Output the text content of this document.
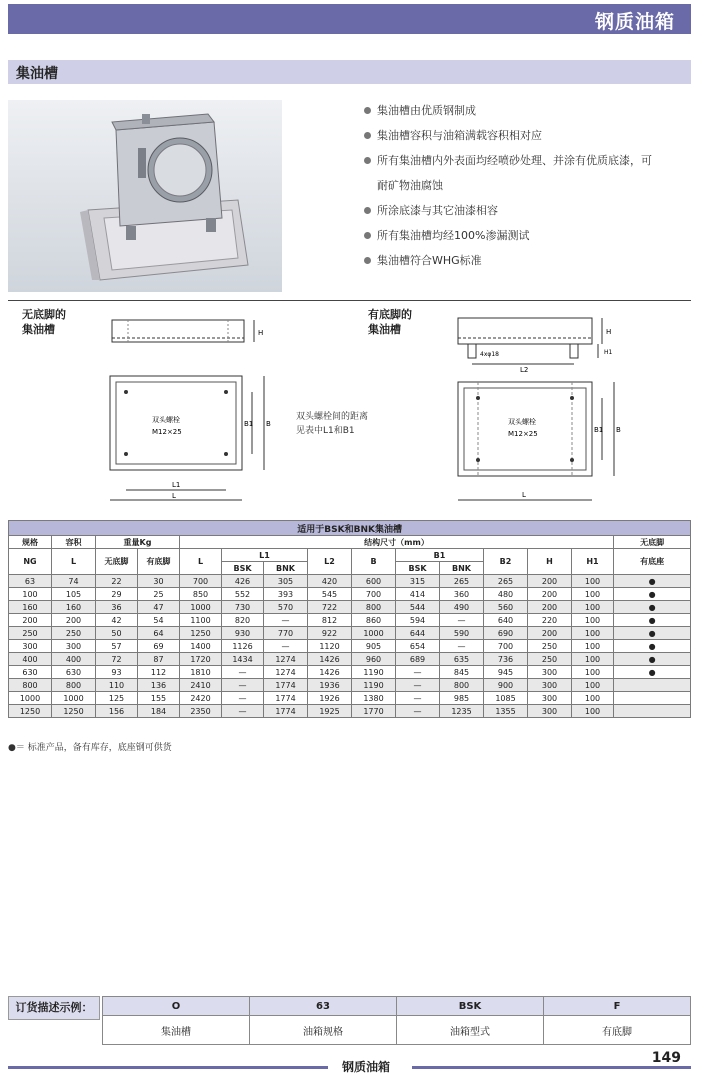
钢质油箱
集油槽
集油槽由优质钢制成
集油槽容积与油箱满载容积相对应
所有集油槽内外表面均经喷砂处理、并涂有优质底漆，可
耐矿物油腐蚀
所涂底漆与其它油漆相容
所有集油槽均经100%渗漏测试
集油槽符合WHG标准
无底脚的
集油槽
有底脚的
集油槽
H
L2
4xφ18
H
H1
双头螺栓
M12×25
L1
L
B1 B
双头螺栓间的距离
见表中L1和B1
双头螺栓
M12×25
L
B1 B
适用于BSK和BNK集油槽														
规格	容积	重量Kg		结构尺寸（mm）										无底脚
NG	L	无底脚	有底脚	L	L1		L2	B	B1		B2	H	H1	有底座
					BSK	BNK			BSK	BNK				
63	74	22	30	700	426	305	420	600	315	265	265	200	100	●
100	105	29	25	850	552	393	545	700	414	360	480	200	100	●
160	160	36	47	1000	730	570	722	800	544	490	560	200	100	●
200	200	42	54	1100	820	—	812	860	594	—	640	220	100	●
250	250	50	64	1250	930	770	922	1000	644	590	690	200	100	●
300	300	57	69	1400	1126	—	1120	905	654	—	700	250	100	●
400	400	72	87	1720	1434	1274	1426	960	689	635	736	250	100	●
630	630	93	112	1810	—	1274	1426	1190	—	845	945	300	100	●
800	800	110	136	2410	—	1774	1936	1190	—	800	900	300	100	
1000	1000	125	155	2420	—	1774	1926	1380	—	985	1085	300	100	
1250	1250	156	184	2350	—	1774	1925	1770	—	1235	1355	300	100	
●＝ 标准产品，备有库存，底座钢可供货
订货描述示例：	O	63	BSK	F
集油槽	油箱规格	油箱型式	有底脚
钢质油箱
149
